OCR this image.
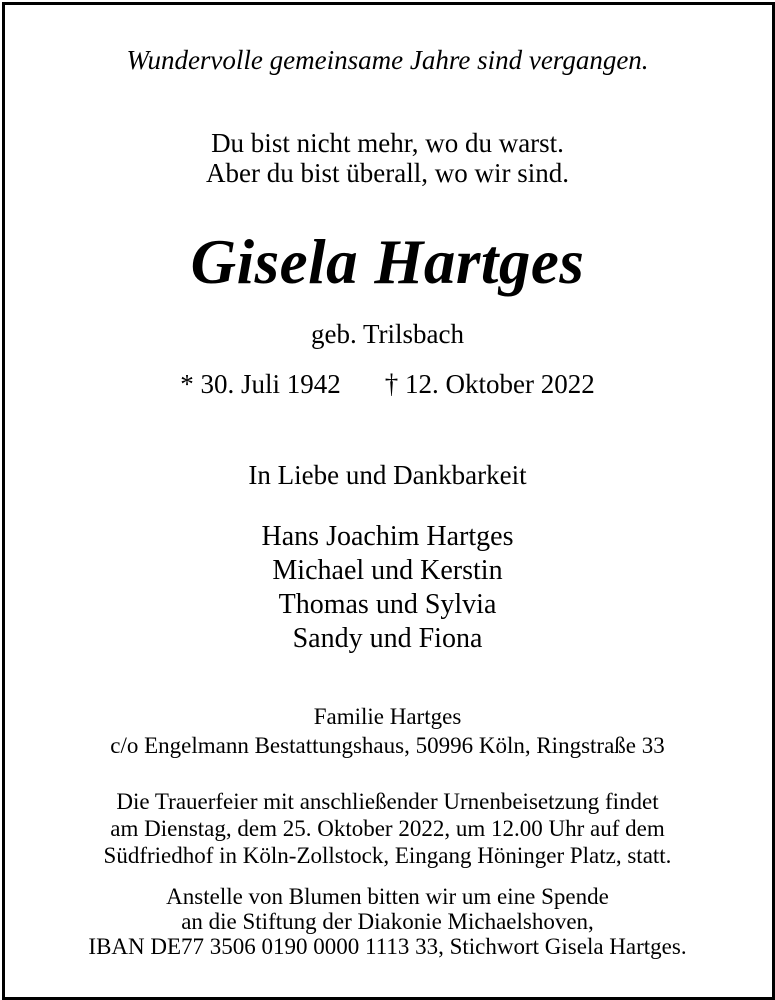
Wundervolle gemeinsame Jahre sind vergangen.
Du bist nicht mehr, wo du warst.
Aber du bist überall, wo wir sind.
Gisela Hartges
geb. Trilsbach
* 30. Juli 1942 † 12. Oktober 2022
In Liebe und Dankbarkeit
Hans Joachim Hartges
Michael und Kerstin
Thomas und Sylvia
Sandy und Fiona
Familie Hartges
c/o Engelmann Bestattungshaus, 50996 Köln, Ringstraße 33
Die Trauerfeier mit anschließender Urnenbeisetzung findet
am Dienstag, dem 25. Oktober 2022, um 12.00 Uhr auf dem
Südfriedhof in Köln-Zollstock, Eingang Höninger Platz, statt.
Anstelle von Blumen bitten wir um eine Spende
an die Stiftung der Diakonie Michaelshoven,
IBAN DE77 3506 0190 0000 1113 33, Stichwort Gisela Hartges.
